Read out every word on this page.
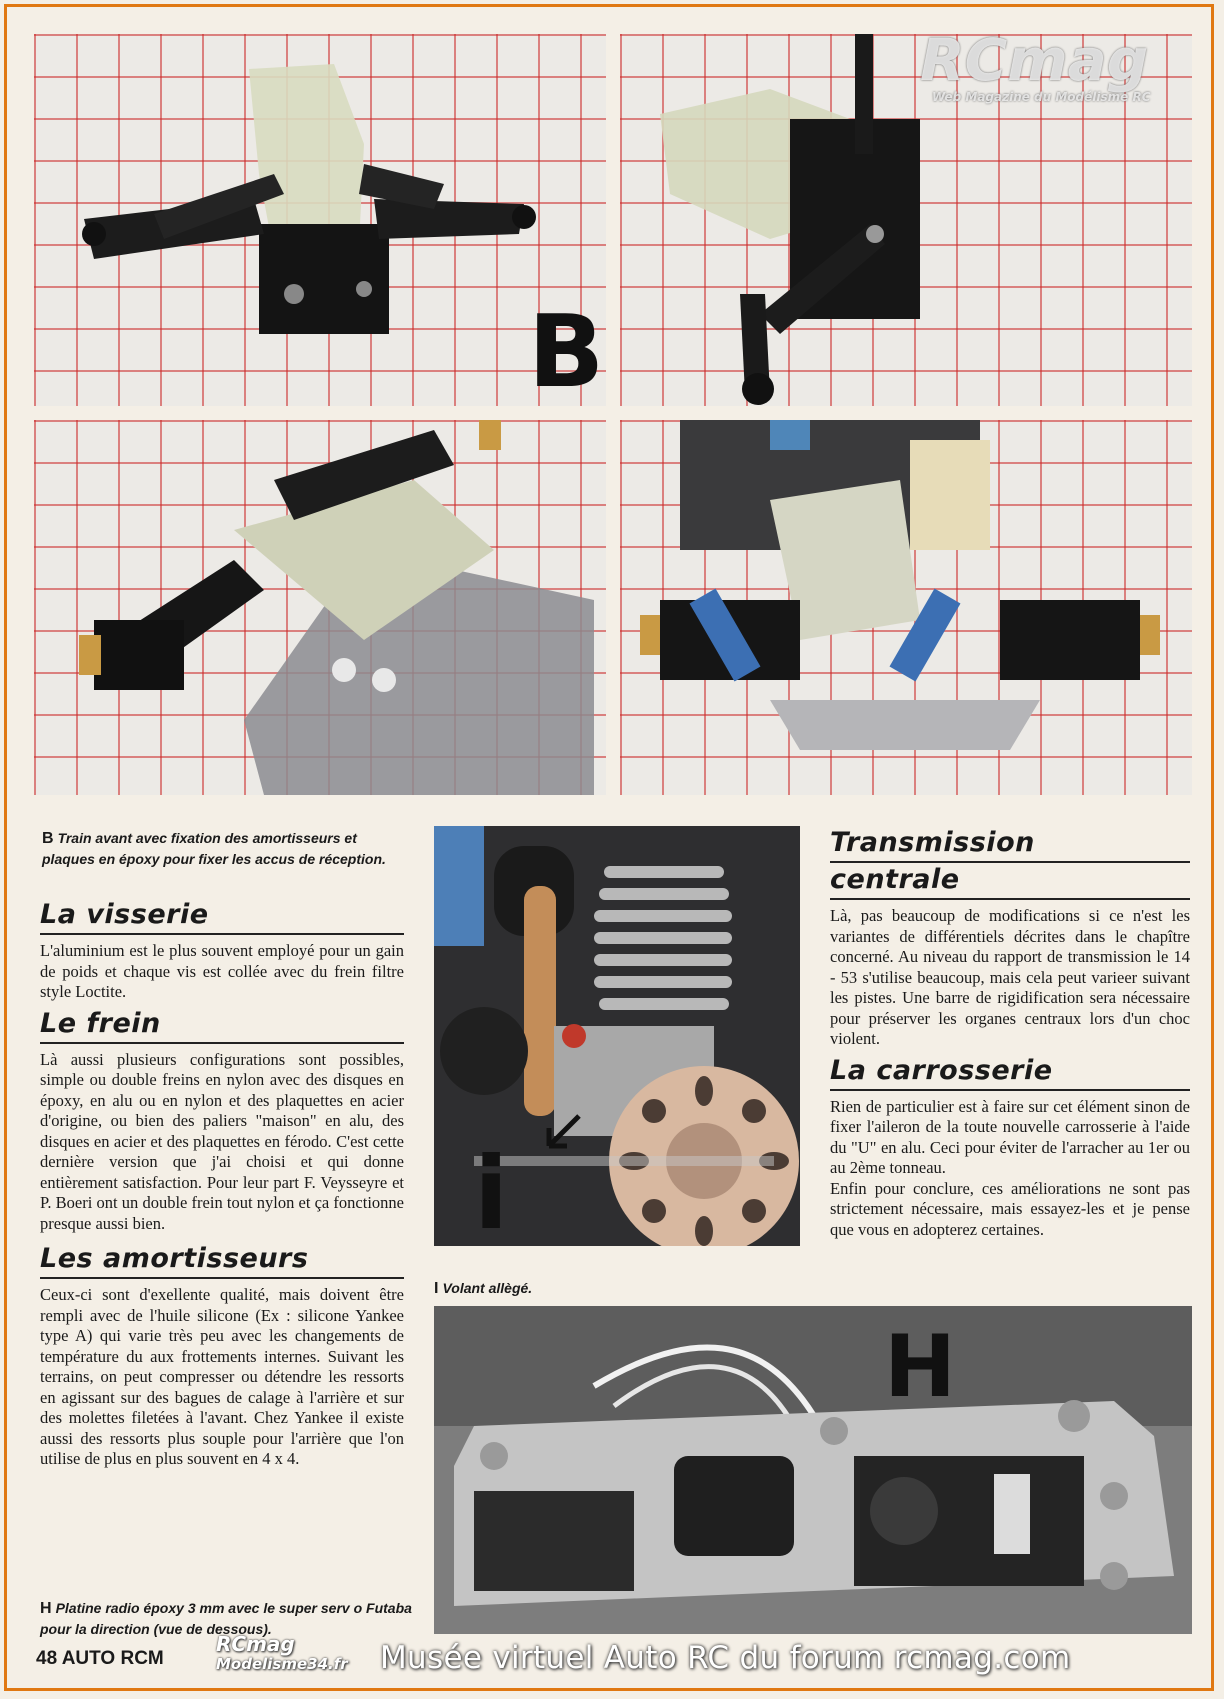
B
RCmag
Web Magazine du Modélisme RC
B Train avant avec fixation des amortisseurs et plaques en époxy pour fixer les accus de réception.
La visserie

L'aluminium est le plus souvent employé pour un gain de poids et chaque vis est collée avec du frein filtre style Loctite.

Le frein

Là aussi plusieurs configurations sont possibles, simple ou double freins en nylon avec des disques en époxy, en alu ou en nylon et des plaquettes en acier d'origine, ou bien des paliers "maison" en alu, des disques en acier et des plaquettes en férodo. C'est cette dernière version que j'ai choisi et qui donne entièrement satisfaction. Pour leur part F. Veysseyre et P. Boeri ont un double frein tout nylon et ça fonctionne presque aussi bien.

Les amortisseurs

Ceux-ci sont d'exellente qualité, mais doivent être rempli avec de l'huile silicone (Ex : silicone Yankee type A) qui varie très peu avec les changements de température du aux frottements internes. Suivant les terrains, on peut compresser ou détendre les ressorts en agissant sur des bagues de calage à l'arrière et sur des molettes filetées à l'avant. Chez Yankee il existe aussi des ressorts plus souple pour l'arrière que l'on utilise de plus en plus souvent en 4 x 4.

H Platine radio époxy 3 mm avec le super serv o Futaba pour la direction (vue de dessous).
i
I Volant allègé.
Transmission
centrale

Là, pas beaucoup de modifications si ce n'est les variantes de différentiels décrites dans le chapître concerné. Au niveau du rapport de transmission le 14 - 53 s'utilise beaucoup, mais cela peut varieer suivant les pistes. Une barre de rigidification sera nécessaire pour préserver les organes centraux lors d'un choc violent.

La carrosserie

Rien de particulier est à faire sur cet élément sinon de fixer l'aileron de la toute nouvelle carrosserie à l'aide du "U" en alu. Ceci pour éviter de l'arracher au 1er ou au 2ème tonneau.

Enfin pour conclure, ces améliorations ne sont pas strictement nécessaire, mais essayez-les et je pense que vous en adopterez certaines.

H
48 AUTO RCM
RCmag
Modelisme34.fr Musée virtuel Auto RC du forum rcmag.com
